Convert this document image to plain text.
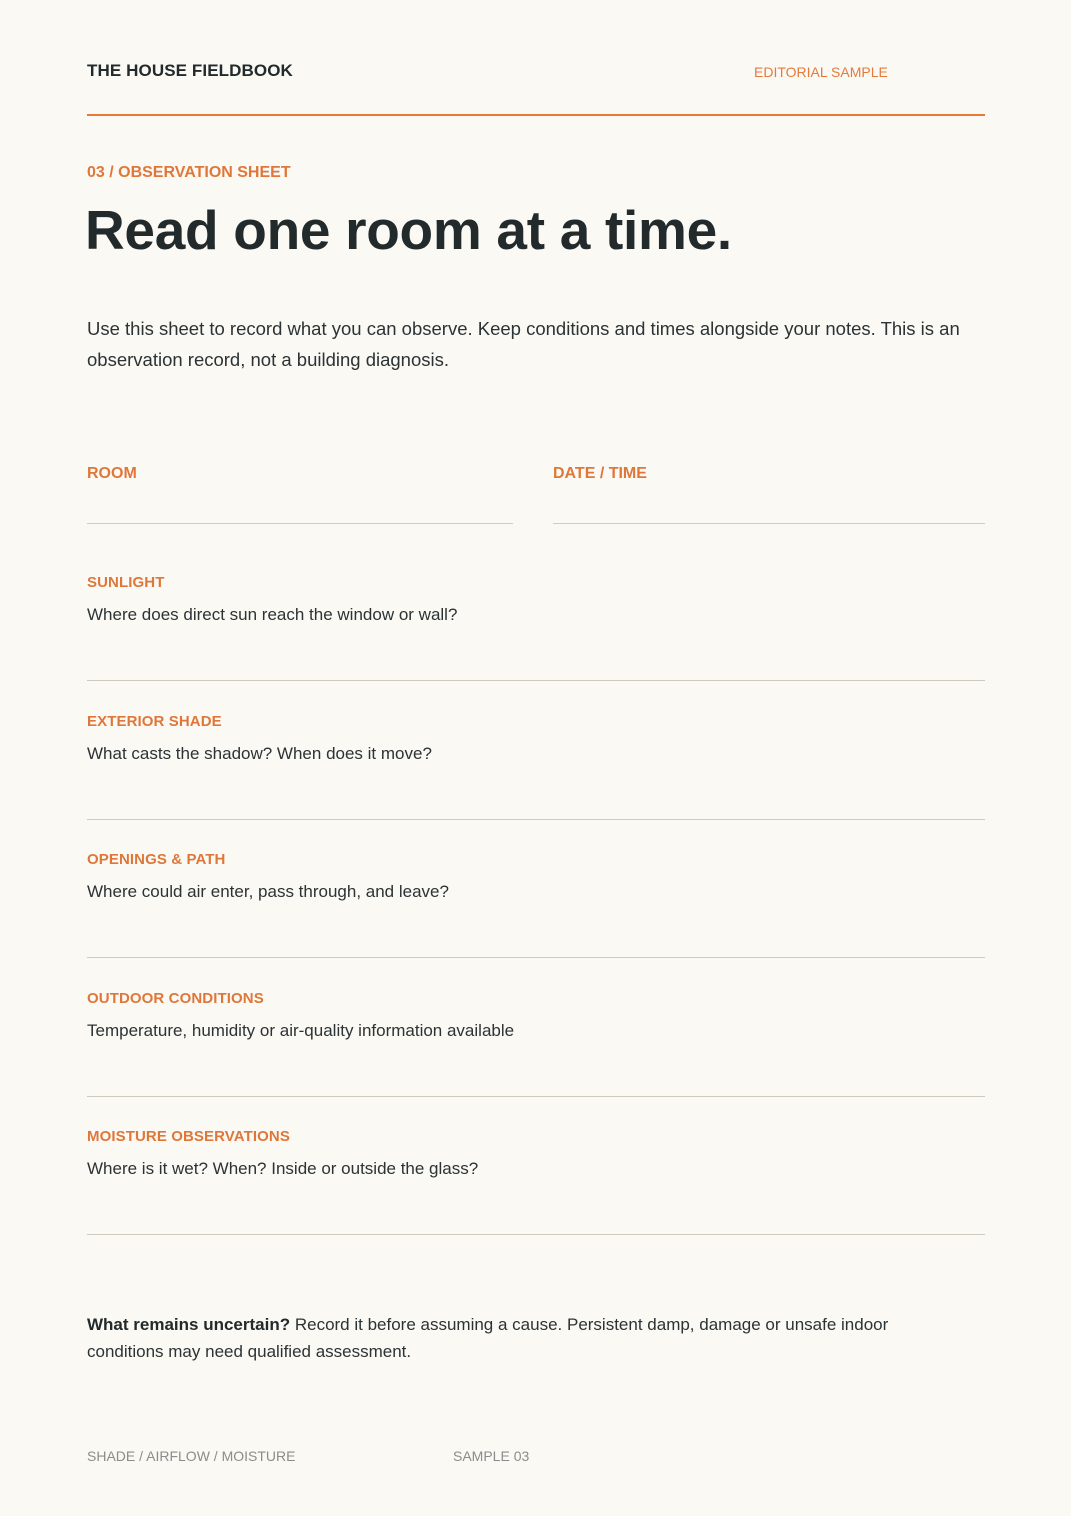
THE HOUSE FIELDBOOK	EDITORIAL SAMPLE
03 / OBSERVATION SHEET
Read one room at a time.
Use this sheet to record what you can observe. Keep conditions and times alongside your notes. This is an observation record, not a building diagnosis.
ROOM	DATE / TIME
SUNLIGHT
Where does direct sun reach the window or wall?
EXTERIOR SHADE
What casts the shadow? When does it move?
OPENINGS & PATH
Where could air enter, pass through, and leave?
OUTDOOR CONDITIONS
Temperature, humidity or air-quality information available
MOISTURE OBSERVATIONS
Where is it wet? When? Inside or outside the glass?
What remains uncertain? Record it before assuming a cause. Persistent damp, damage or unsafe indoor conditions may need qualified assessment.
SHADE / AIRFLOW / MOISTURE	SAMPLE 03
